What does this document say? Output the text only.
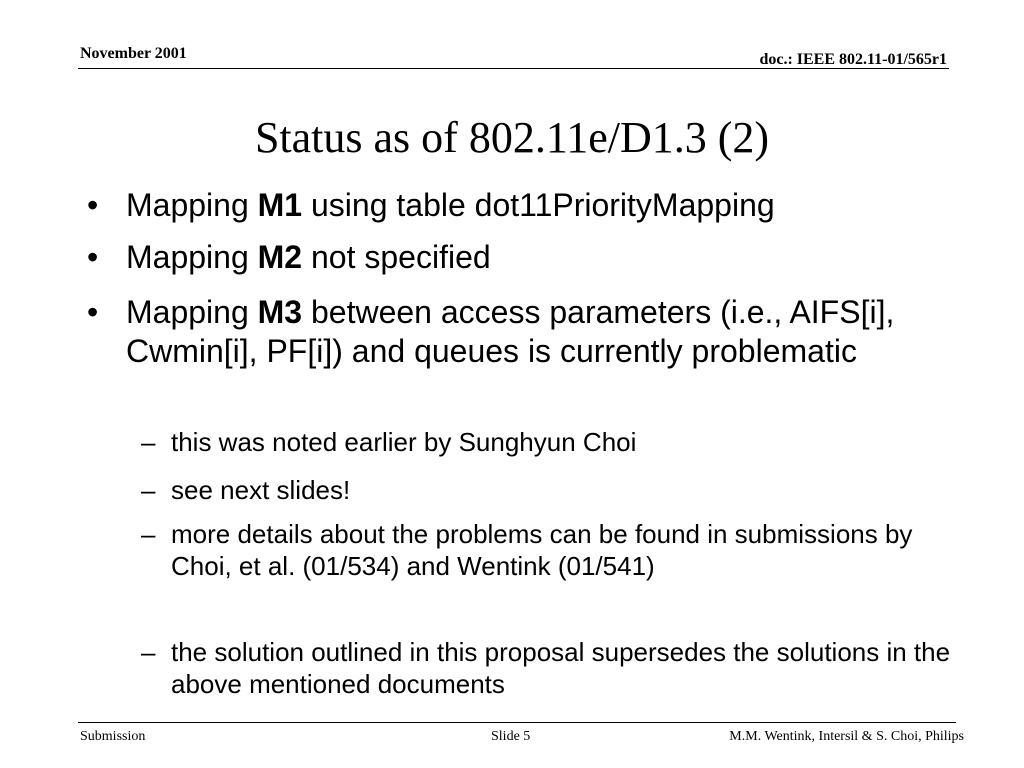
November 2001	doc.: IEEE 802.11-01/565r1
Status as of 802.11e/D1.3 (2)
• Mapping M1 using table dot11PriorityMapping
• Mapping M2 not specified
• Mapping M3 between access parameters (i.e., AIFS[i], Cwmin[i], PF[i]) and queues is currently problematic
– this was noted earlier by Sunghyun Choi
– see next slides!
– more details about the problems can be found in submissions by Choi, et al. (01/534) and Wentink (01/541)
– the solution outlined in this proposal supersedes the solutions in the above mentioned documents
Submission	Slide 5	M.M. Wentink, Intersil & S. Choi, Philips
